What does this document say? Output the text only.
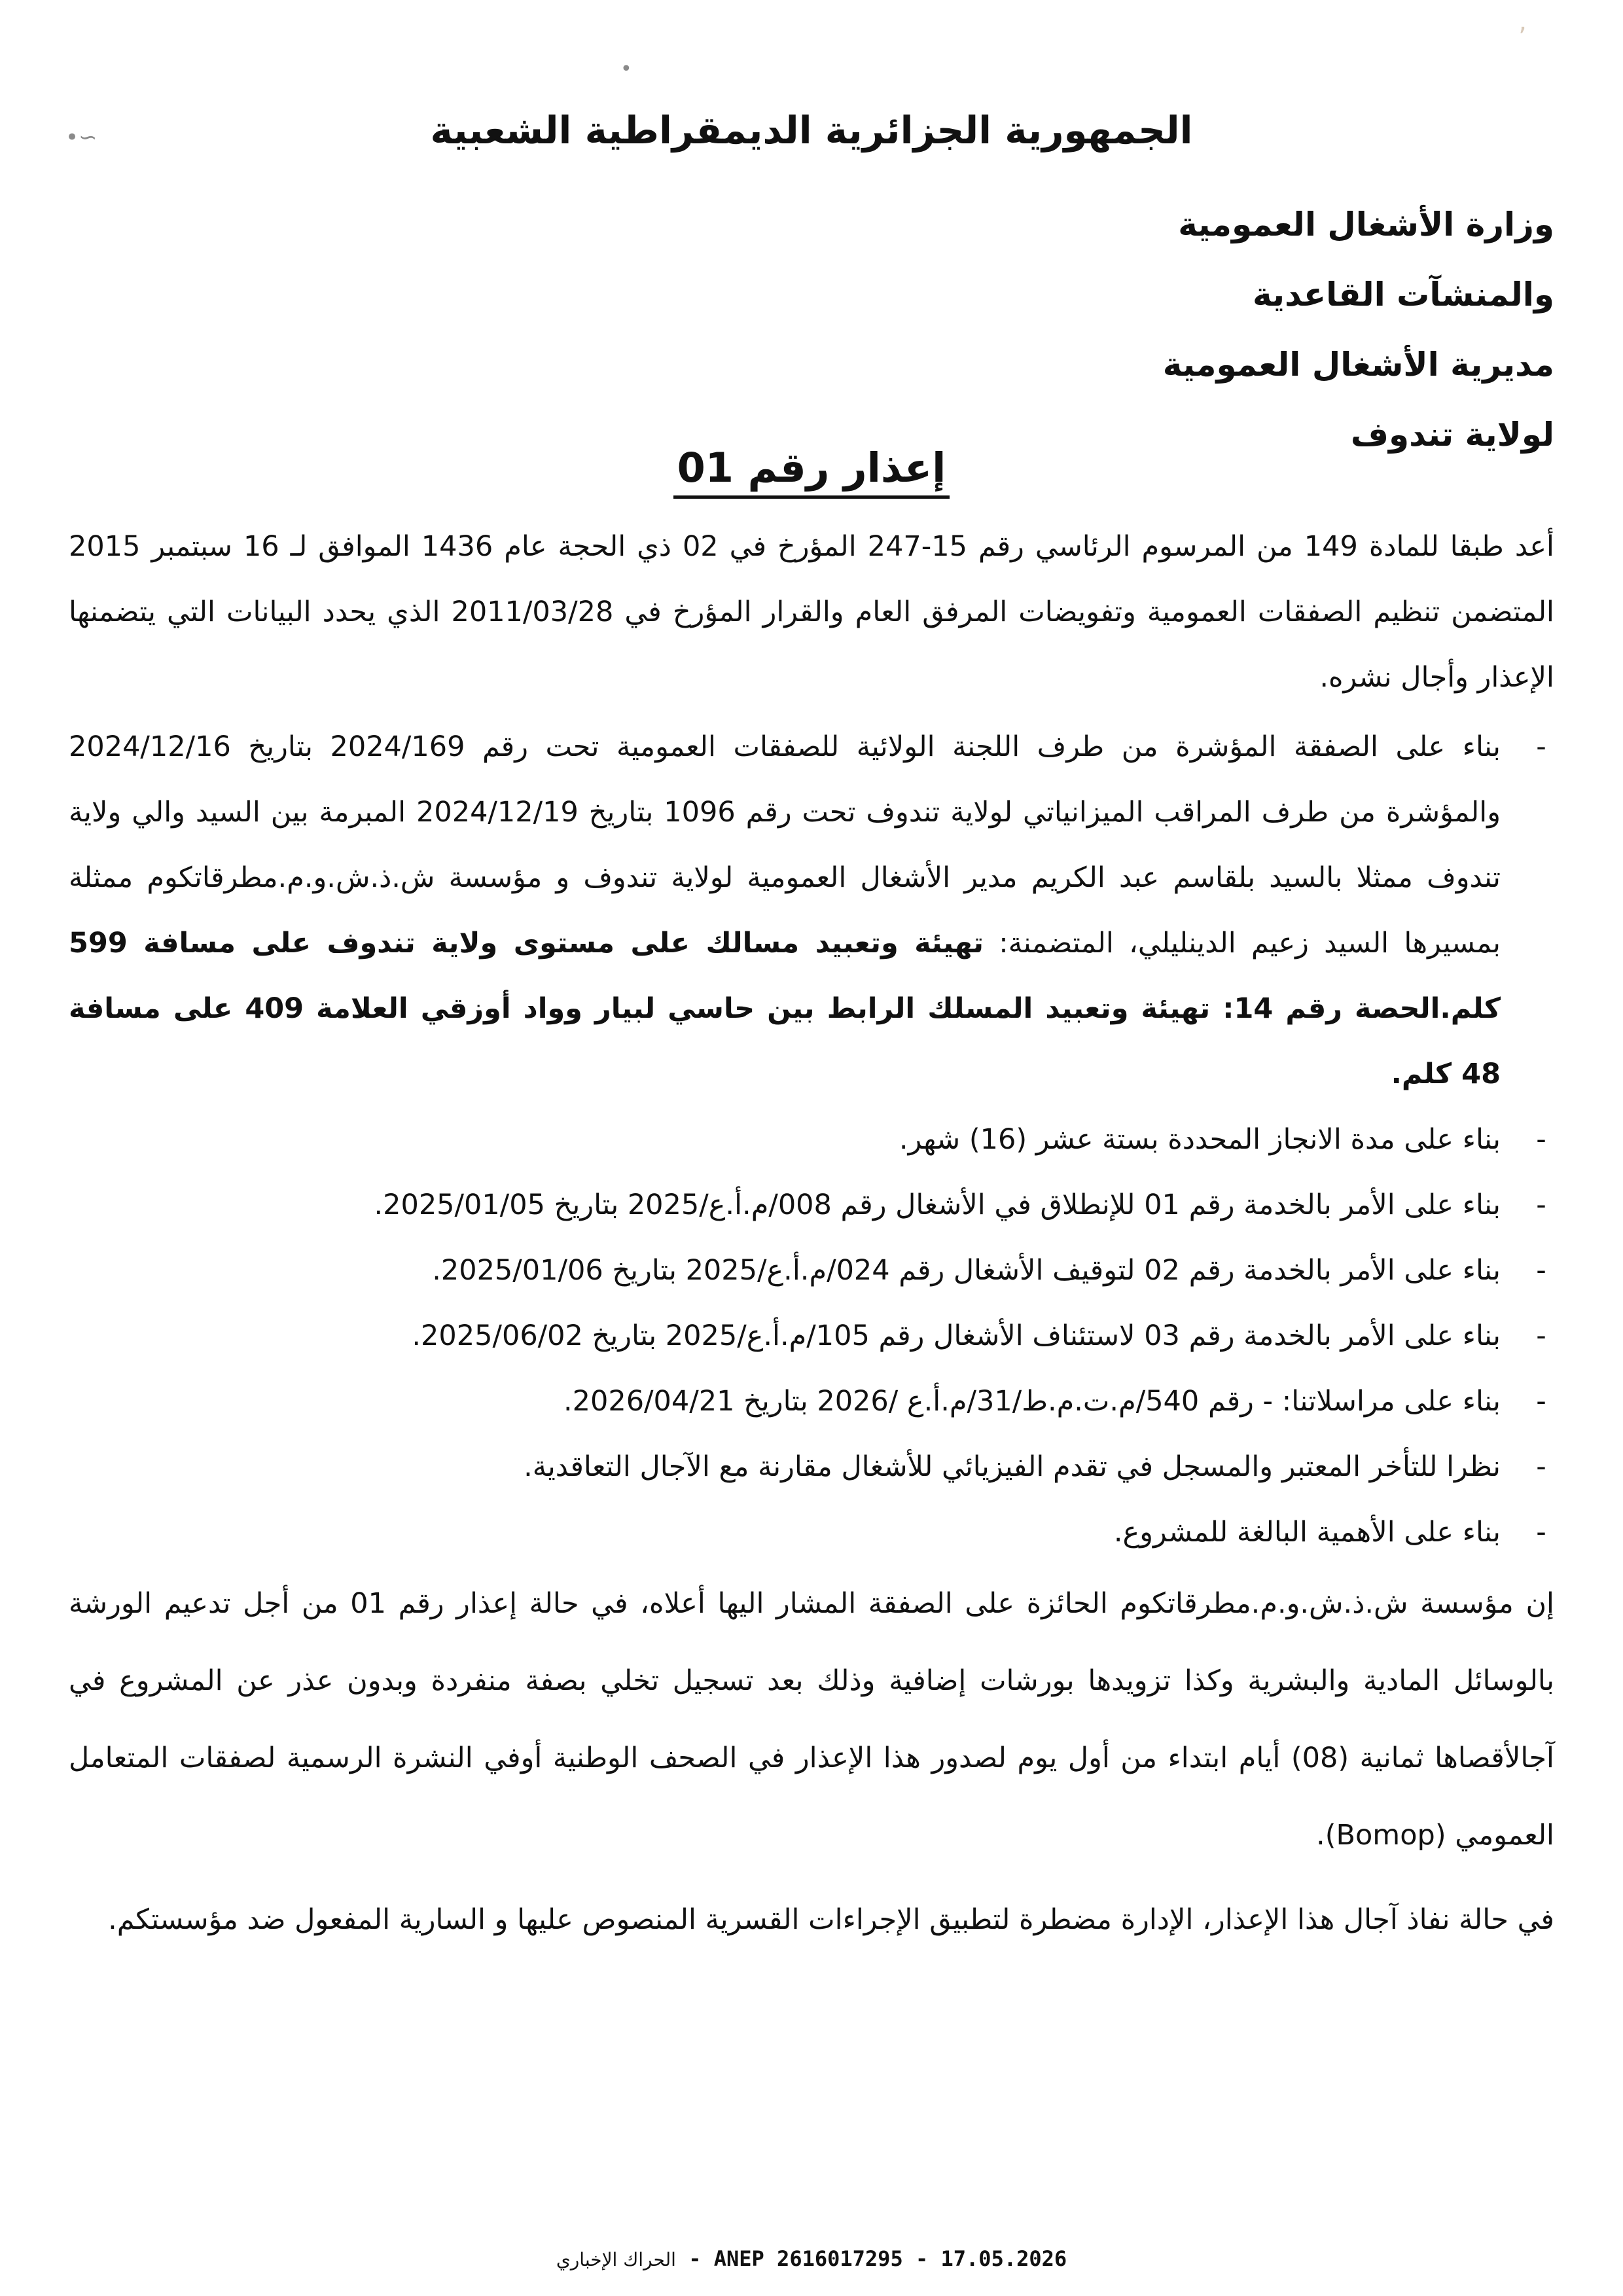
∼•
•
‚
الجمهورية الجزائرية الديمقراطية الشعبية
وزارة الأشغال العمومية
والمنشآت القاعدية
مديرية الأشغال العمومية
لولاية تندوف
إعذار رقم 01

أعد طبقا للمادة 149 من المرسوم الرئاسي رقم 15-247 المؤرخ في 02 ذي الحجة عام 1436 الموافق لـ 16 سبتمبر 2015 المتضمن تنظيم الصفقات العمومية وتفويضات المرفق العام والقرار المؤرخ في 2011/03/28 الذي يحدد البيانات التي يتضمنها الإعذار وأجال نشره.

-
بناء على الصفقة المؤشرة من طرف اللجنة الولائية للصفقات العمومية تحت رقم 2024/169 بتاريخ 2024/12/16 والمؤشرة من طرف المراقب الميزانياتي لولاية تندوف تحت رقم 1096 بتاريخ 2024/12/19 المبرمة بين السيد والي ولاية تندوف ممثلا بالسيد بلقاسم عبد الكريم مدير الأشغال العمومية لولاية تندوف و مؤسسة ش.ذ.ش.و.م.مطرقاتكوم ممثلة بمسيرها السيد زعيم الدينليلي، المتضمنة: تهيئة وتعبيد مسالك على مستوى ولاية تندوف على مسافة 599 كلم.الحصة رقم 14: تهيئة وتعبيد المسلك الرابط بين حاسي لبيار وواد أوزقي العلامة 409 على مسافة 48 كلم.
-
بناء على مدة الانجاز المحددة بستة عشر (16) شهر.
-
بناء على الأمر بالخدمة رقم 01 للإنطلاق في الأشغال رقم 008/م.أ.ع/2025 بتاريخ 2025/01/05.
-
بناء على الأمر بالخدمة رقم 02 لتوقيف الأشغال رقم 024/م.أ.ع/2025 بتاريخ 2025/01/06.
-
بناء على الأمر بالخدمة رقم 03 لاستئناف الأشغال رقم 105/م.أ.ع/2025 بتاريخ 2025/06/02.
-
بناء على مراسلاتنا: - رقم 540/م.ت.م.ط/31/م.أ.ع /2026 بتاريخ 2026/04/21.
-
نظرا للتأخر المعتبر والمسجل في تقدم الفيزيائي للأشغال مقارنة مع الآجال التعاقدية.
-
بناء على الأهمية البالغة للمشروع.

إن مؤسسة ش.ذ.ش.و.م.مطرقاتكوم الحائزة على الصفقة المشار اليها أعلاه، في حالة إعذار رقم 01 من أجل تدعيم الورشة بالوسائل المادية والبشرية وكذا تزويدها بورشات إضافية وذلك بعد تسجيل تخلي بصفة منفردة وبدون عذر عن المشروع في آجالأقصاها ثمانية (08) أيام ابتداء من أول يوم لصدور هذا الإعذار في الصحف الوطنية أوفي النشرة الرسمية لصفقات المتعامل العمومي (Bomop).

في حالة نفاذ آجال هذا الإعذار، الإدارة مضطرة لتطبيق الإجراءات القسرية المنصوص عليها و السارية المفعول ضد مؤسستكم.

الحراك الإخباري - ANEP 2616017295 - 17.05.2026
